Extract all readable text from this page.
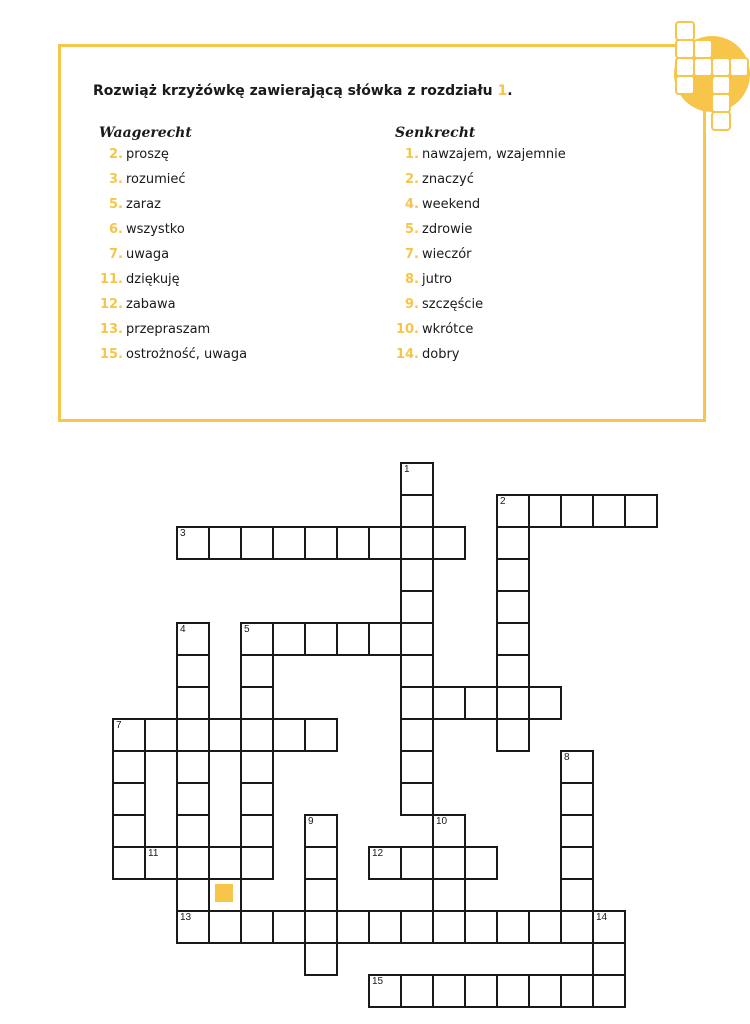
Rozwiąż krzyżówkę zawierającą słówka z rozdziału 1.

Waagerecht
2. proszę
3. rozumieć
5. zaraz
6. wszystko
7. uwaga
11. dziękuję
12. zabawa
13. przepraszam
15. ostrożność, uwaga
Senkrecht
1. nawzajem, wzajemnie
2. znaczyć
4. weekend
5. zdrowie
7. wieczór
8. jutro
9. szczęście
10. wkrótce
14. dobry
1
2
3
4	5
7
8
9	10
11	12
13	14
15
